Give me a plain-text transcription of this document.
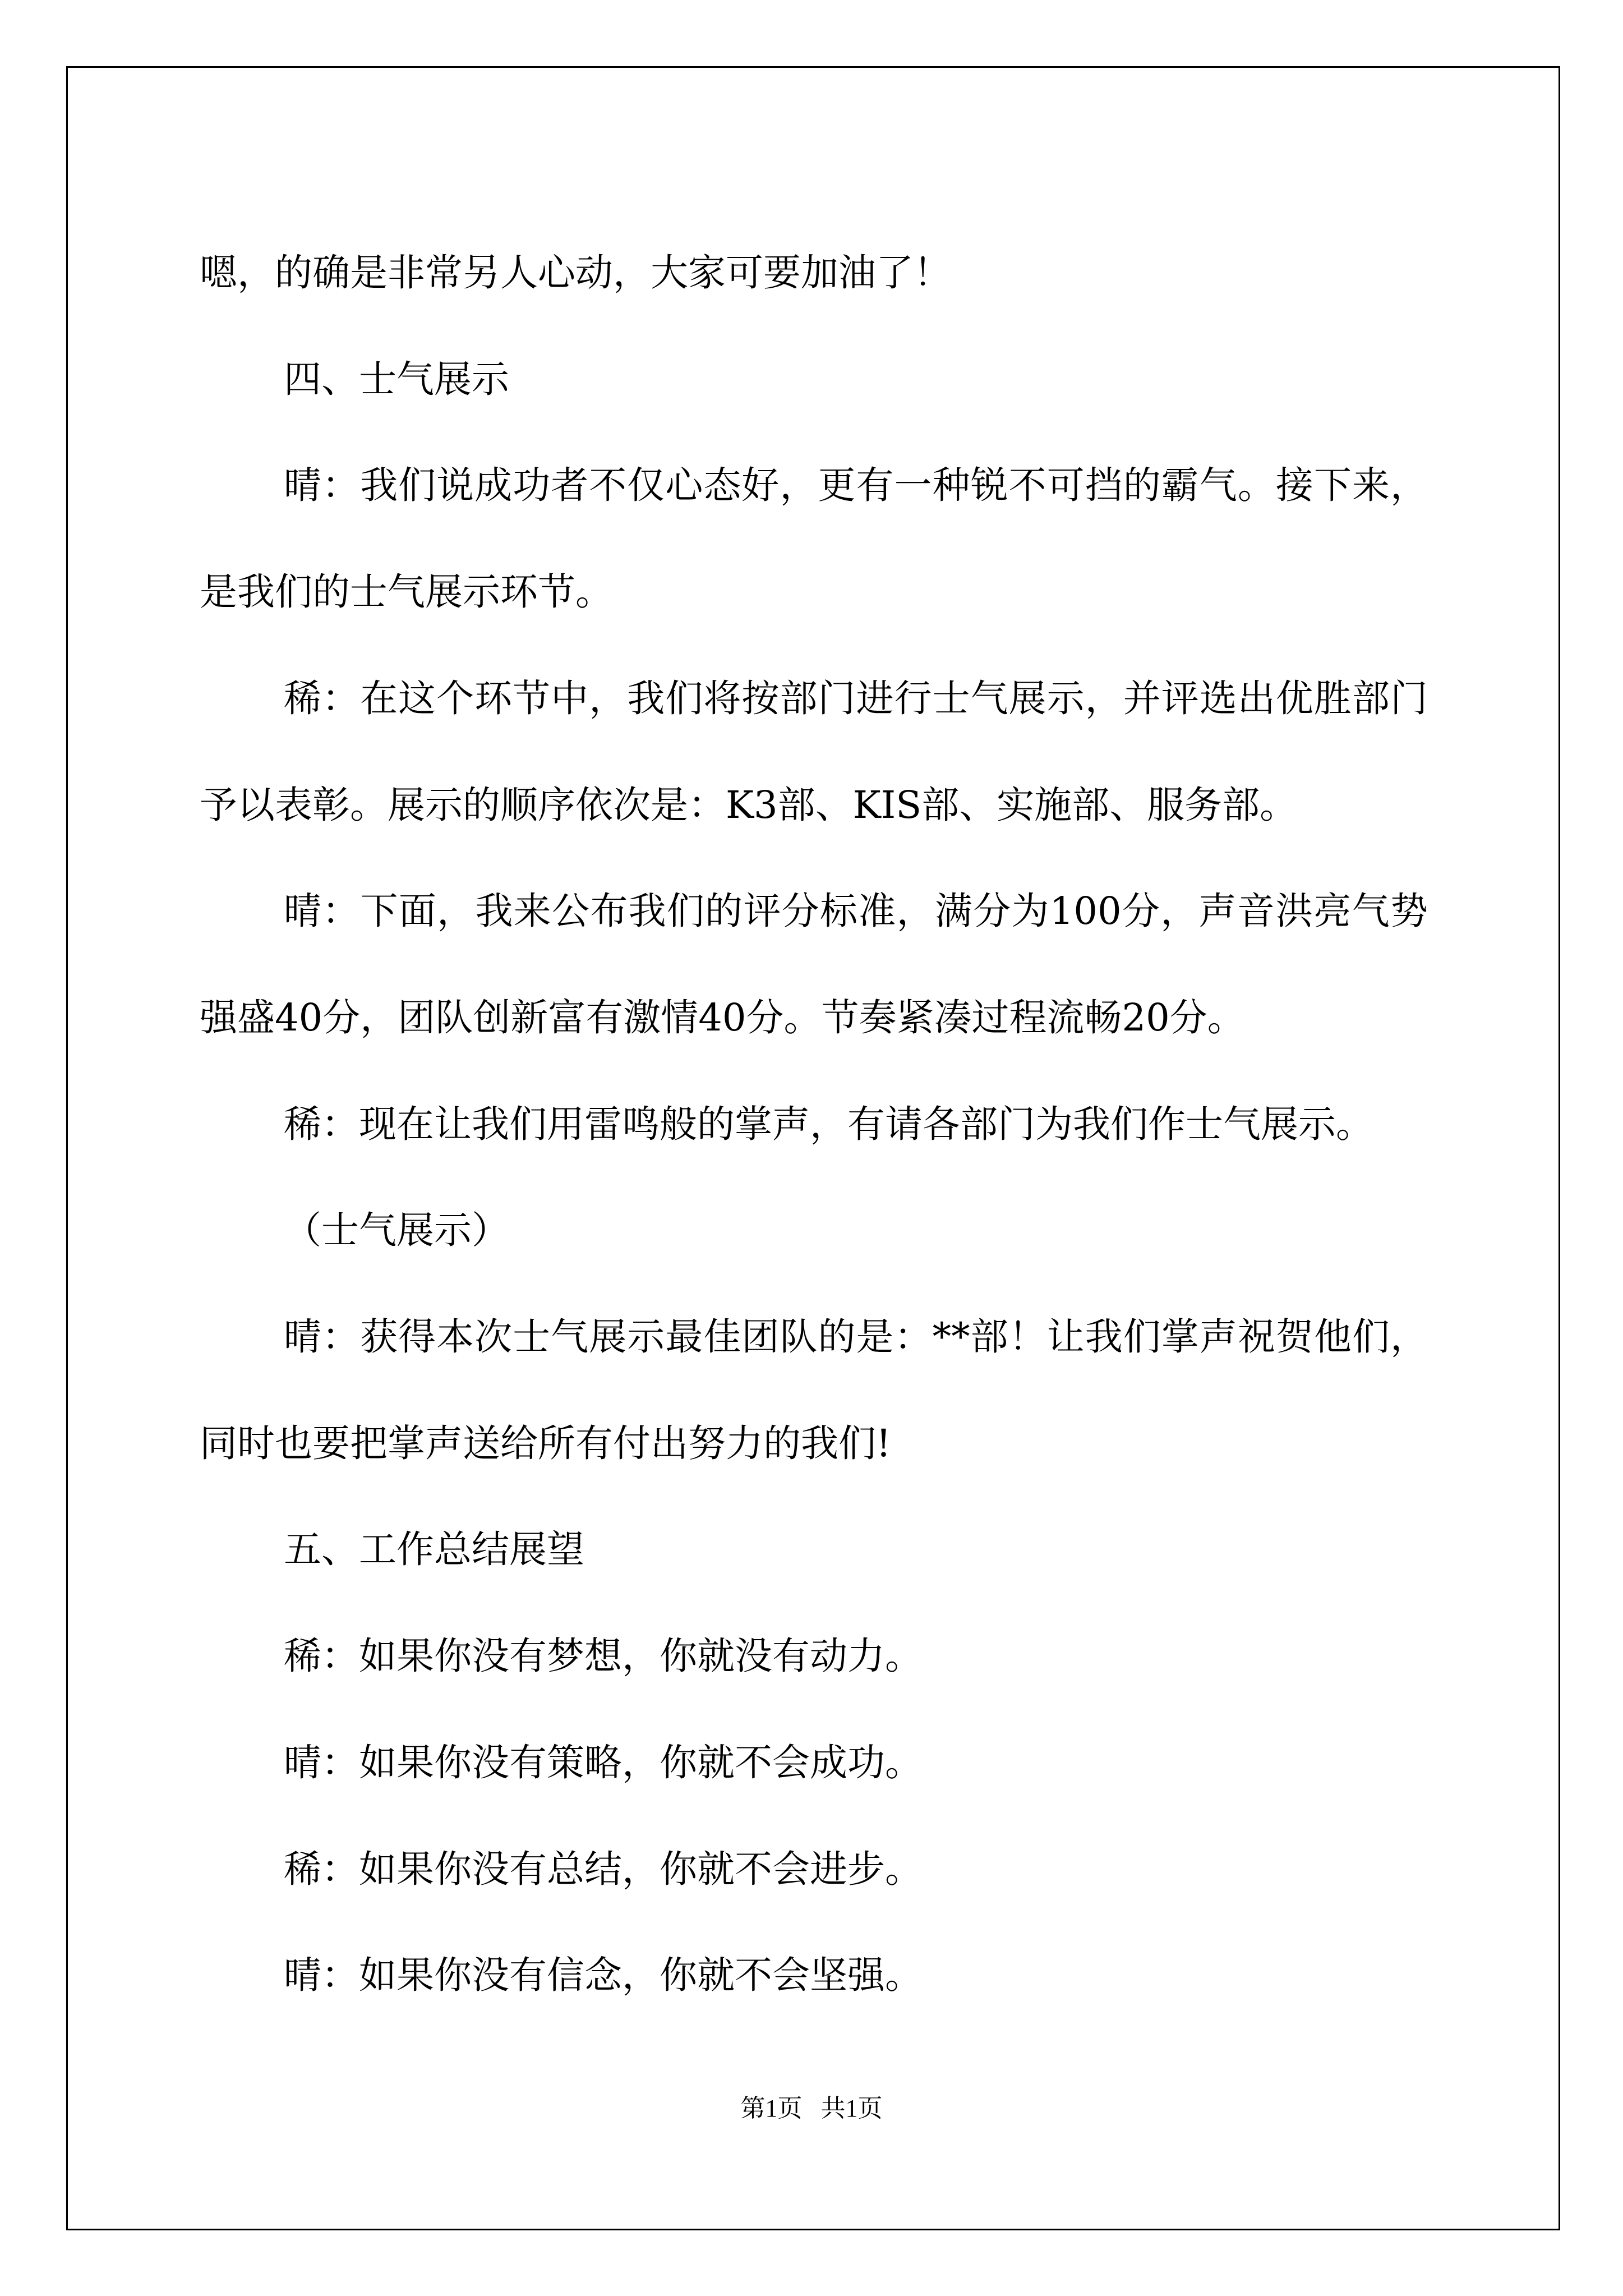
嗯，的确是非常另人心动，大家可要加油了！

四、士气展示

晴：我们说成功者不仅心态好，更有一种锐不可挡的霸气。接下来，是我们的士气展示环节。

稀：在这个环节中，我们将按部门进行士气展示，并评选出优胜部门予以表彰。展示的顺序依次是：K3部、KIS部、实施部、服务部。

晴：下面，我来公布我们的评分标准，满分为100分，声音洪亮气势强盛40分，团队创新富有激情40分。节奏紧凑过程流畅20分。

稀：现在让我们用雷鸣般的掌声，有请各部门为我们作士气展示。

（士气展示）

晴：获得本次士气展示最佳团队的是：**部！让我们掌声祝贺他们，同时也要把掌声送给所有付出努力的我们!

五、工作总结展望

稀：如果你没有梦想，你就没有动力。

晴：如果你没有策略，你就不会成功。

稀：如果你没有总结，你就不会进步。

晴：如果你没有信念，你就不会坚强。

第1页 共1页
